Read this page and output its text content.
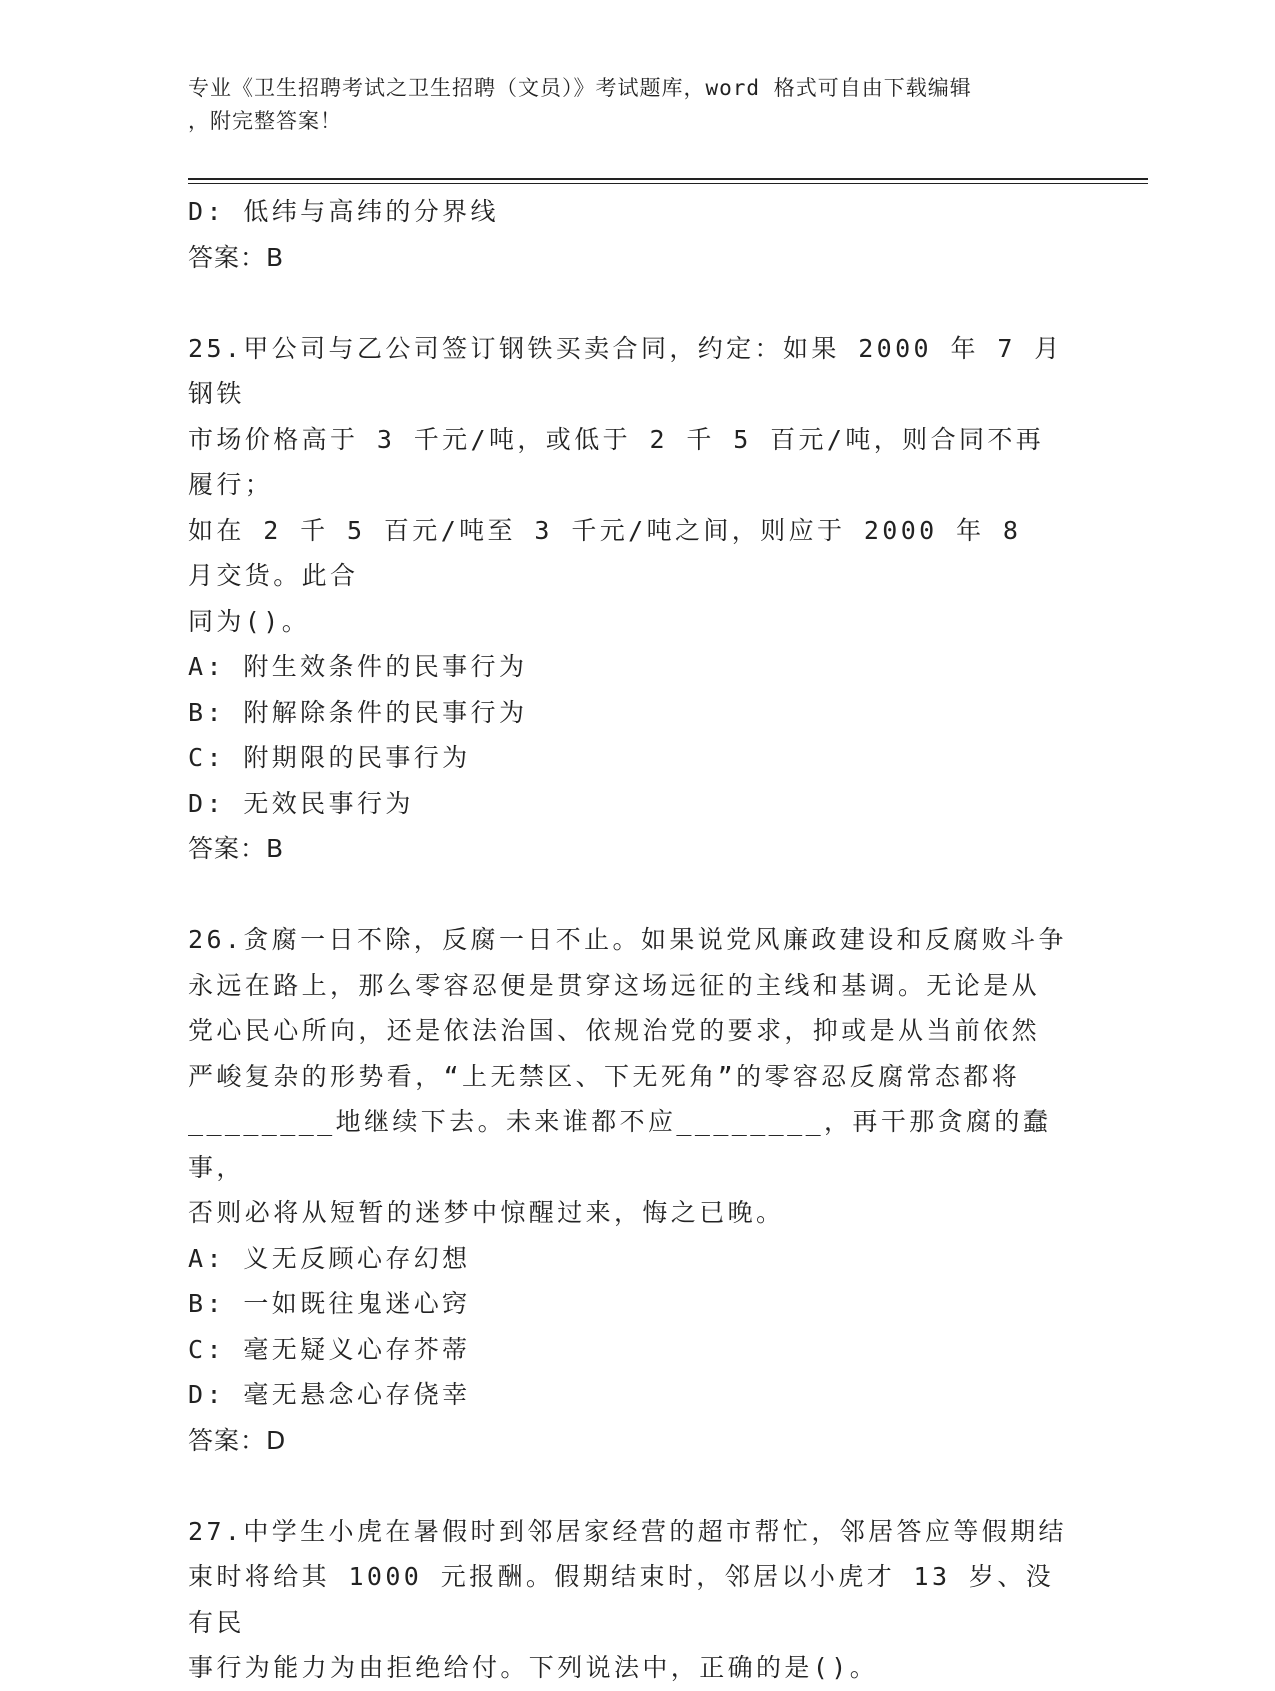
专业《卫生招聘考试之卫生招聘（文员）》考试题库，word 格式可自由下载编辑
，附完整答案！

D: 低纬与高纬的分界线

答案：B

25.甲公司与乙公司签订钢铁买卖合同，约定：如果 2000 年 7 月钢铁

市场价格高于 3 千元/吨，或低于 2 千 5 百元/吨，则合同不再履行；

如在 2 千 5 百元/吨至 3 千元/吨之间，则应于 2000 年 8 月交货。此合

同为()。

A: 附生效条件的民事行为

B: 附解除条件的民事行为

C: 附期限的民事行为

D: 无效民事行为

答案：B

26.贪腐一日不除，反腐一日不止。如果说党风廉政建设和反腐败斗争

永远在路上，那么零容忍便是贯穿这场远征的主线和基调。无论是从

党心民心所向，还是依法治国、依规治党的要求，抑或是从当前依然

严峻复杂的形势看，“上无禁区、下无死角”的零容忍反腐常态都将

________地继续下去。未来谁都不应________，再干那贪腐的蠢事，

否则必将从短暂的迷梦中惊醒过来，悔之已晚。

A: 义无反顾心存幻想

B: 一如既往鬼迷心窍

C: 毫无疑义心存芥蒂

D: 毫无悬念心存侥幸

答案：D

27.中学生小虎在暑假时到邻居家经营的超市帮忙，邻居答应等假期结

束时将给其 1000 元报酬。假期结束时，邻居以小虎才 13 岁、没有民

事行为能力为由拒绝给付。下列说法中，正确的是()。
